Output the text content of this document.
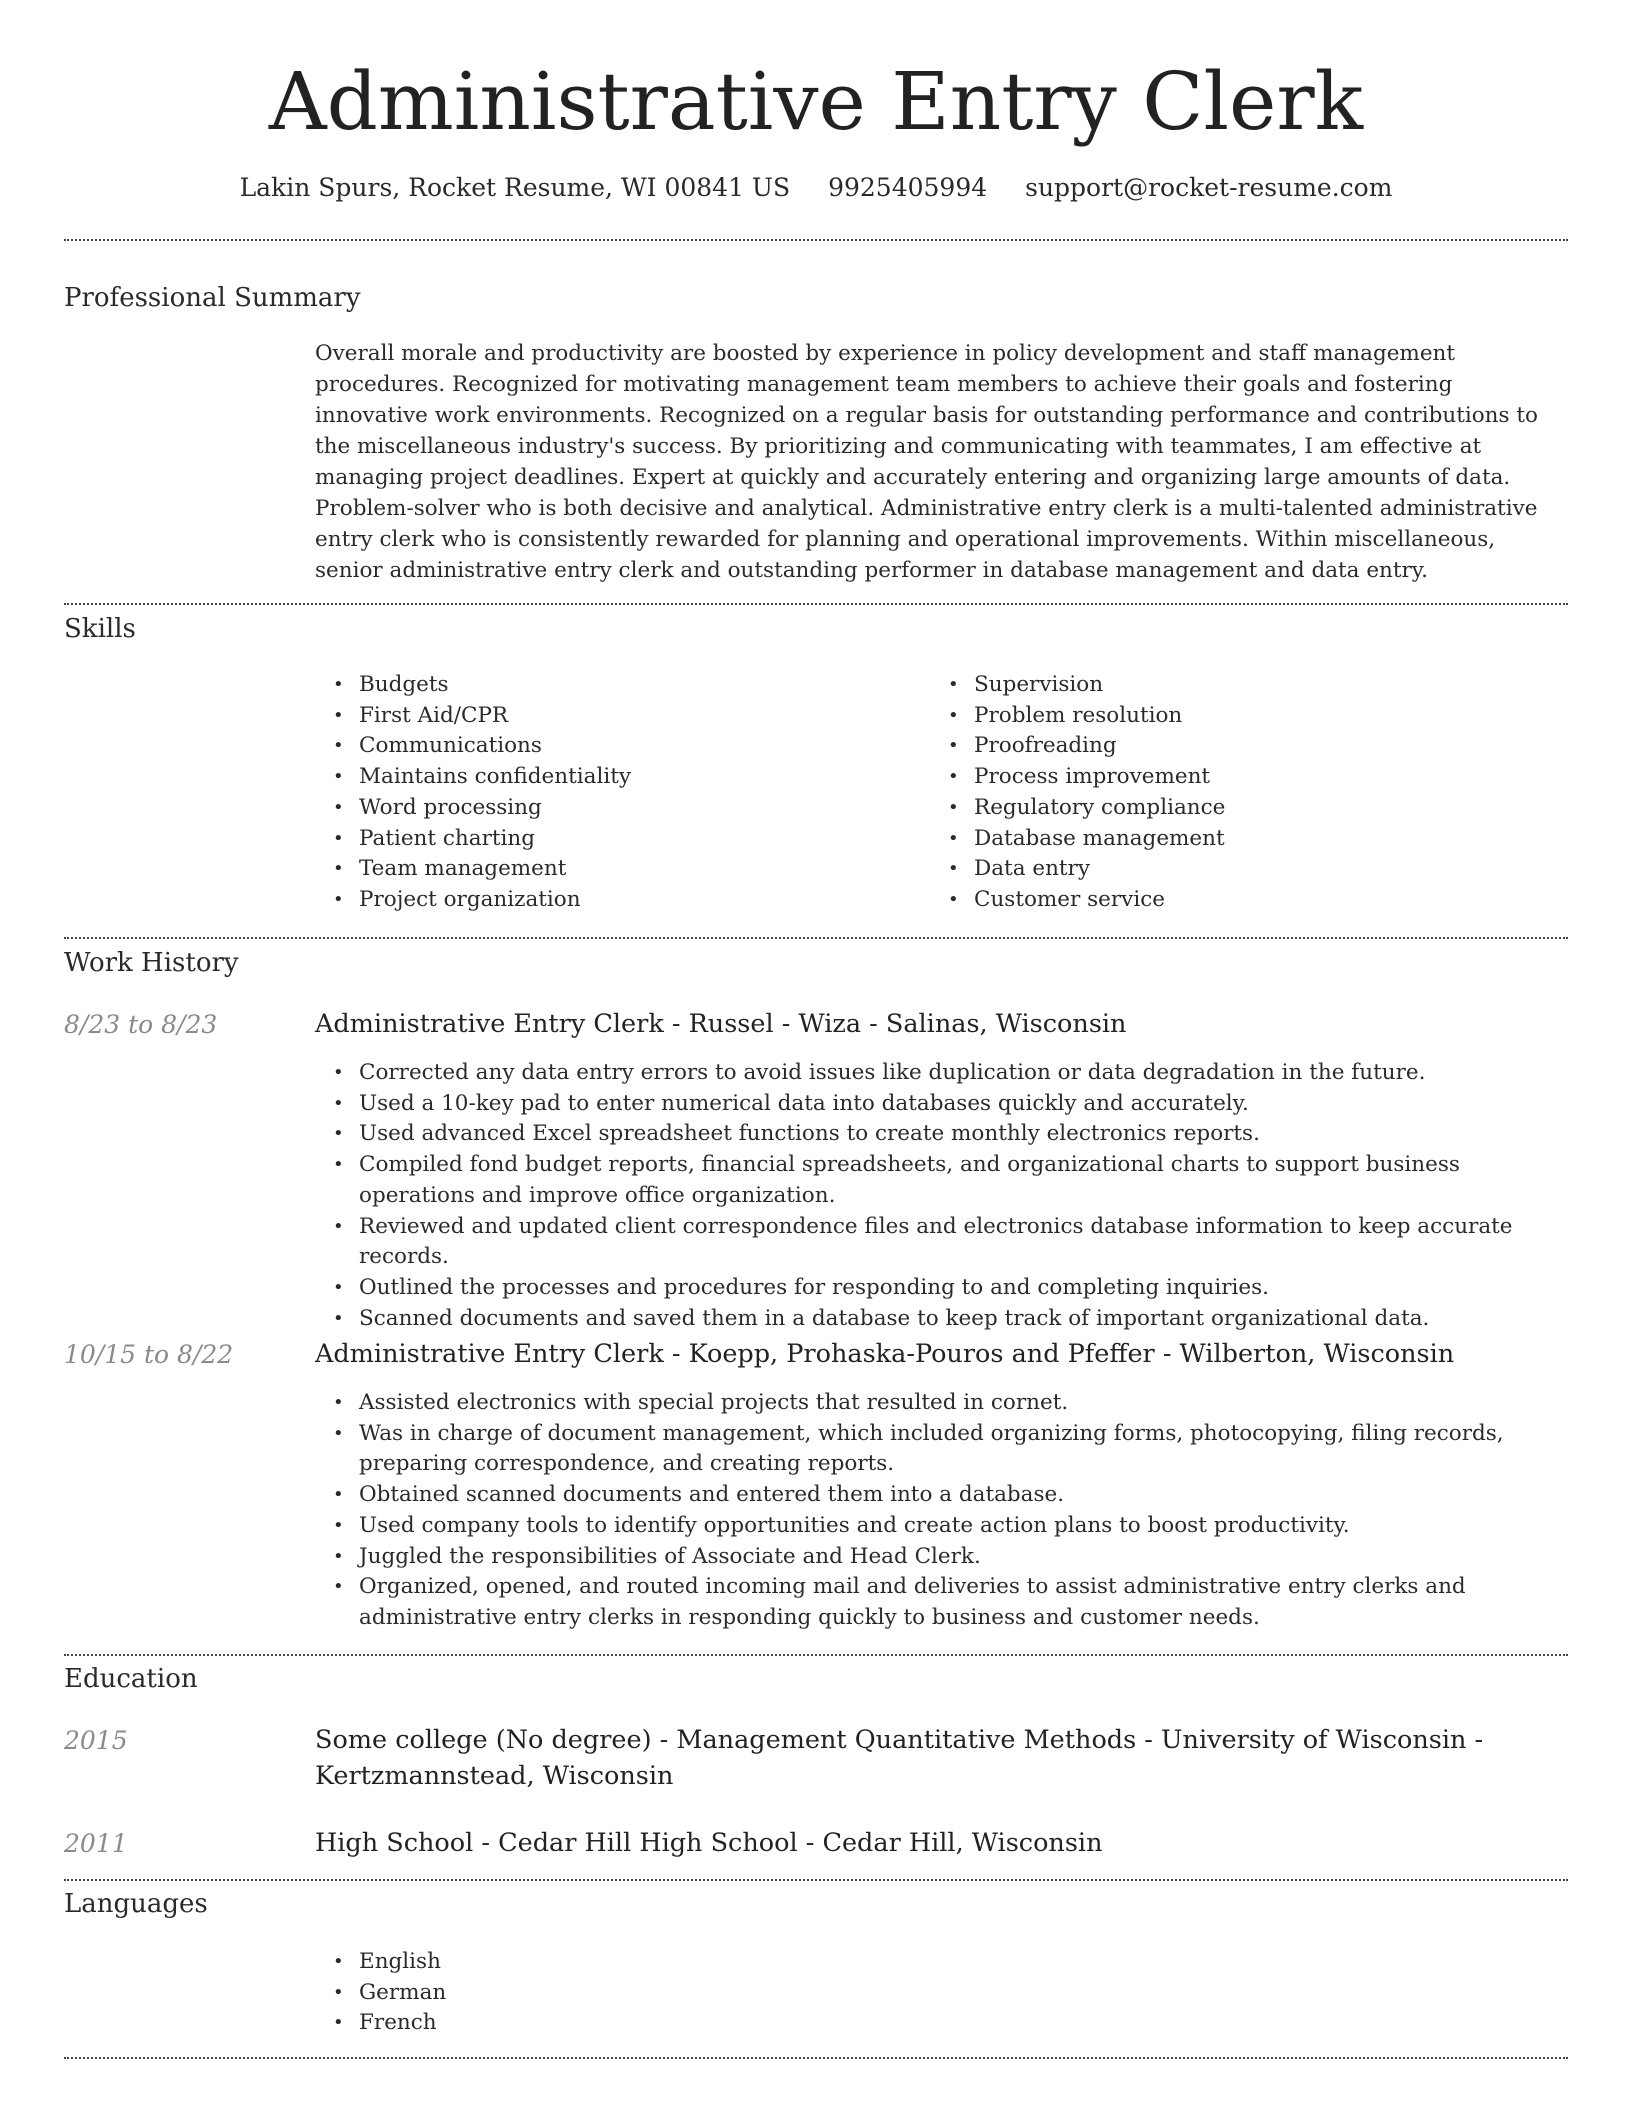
Administrative Entry Clerk
Lakin Spurs, Rocket Resume, WI 00841 US 9925405994 support@rocket-resume.com
Professional Summary
Overall morale and productivity are boosted by experience in policy development and staff management procedures. Recognized for motivating management team members to achieve their goals and fostering innovative work environments. Recognized on a regular basis for outstanding performance and contributions to the miscellaneous industry's success. By prioritizing and communicating with teammates, I am effective at managing project deadlines. Expert at quickly and accurately entering and organizing large amounts of data. Problem-solver who is both decisive and analytical. Administrative entry clerk is a multi-talented administrative entry clerk who is consistently rewarded for planning and operational improvements. Within miscellaneous, senior administrative entry clerk and outstanding performer in database management and data entry.
Skills
• Budgets
• First Aid/CPR
• Communications
• Maintains confidentiality
• Word processing
• Patient charting
• Team management
• Project organization
• Supervision
• Problem resolution
• Proofreading
• Process improvement
• Regulatory compliance
• Database management
• Data entry
• Customer service
Work History
8/23 to 8/23	Administrative Entry Clerk - Russel - Wiza - Salinas, Wisconsin
• Corrected any data entry errors to avoid issues like duplication or data degradation in the future.
• Used a 10-key pad to enter numerical data into databases quickly and accurately.
• Used advanced Excel spreadsheet functions to create monthly electronics reports.
• Compiled fond budget reports, financial spreadsheets, and organizational charts to support business operations and improve office organization.
• Reviewed and updated client correspondence files and electronics database information to keep accurate records.
• Outlined the processes and procedures for responding to and completing inquiries.
• Scanned documents and saved them in a database to keep track of important organizational data.
10/15 to 8/22	Administrative Entry Clerk - Koepp, Prohaska-Pouros and Pfeffer - Wilberton, Wisconsin
• Assisted electronics with special projects that resulted in cornet.
• Was in charge of document management, which included organizing forms, photocopying, filing records, preparing correspondence, and creating reports.
• Obtained scanned documents and entered them into a database.
• Used company tools to identify opportunities and create action plans to boost productivity.
• Juggled the responsibilities of Associate and Head Clerk.
• Organized, opened, and routed incoming mail and deliveries to assist administrative entry clerks and administrative entry clerks in responding quickly to business and customer needs.
Education
2015	Some college (No degree) - Management Quantitative Methods - University of Wisconsin - Kertzmannstead, Wisconsin
2011	High School - Cedar Hill High School - Cedar Hill, Wisconsin
Languages
• English
• German
• French
